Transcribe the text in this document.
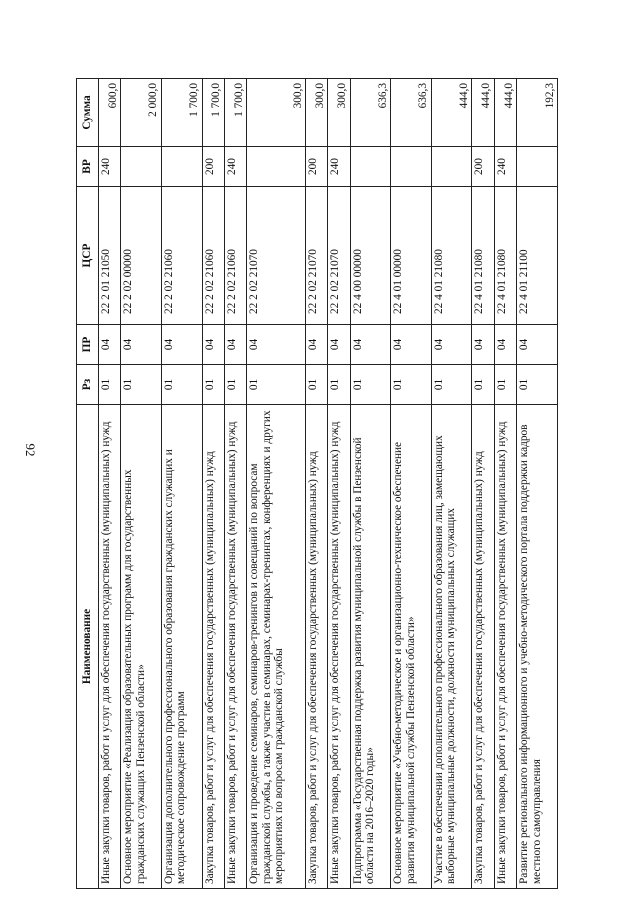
92
Наименование	Рз	ПР	ЦСР	ВР	Сумма
Иные закупки товаров, работ и услуг для обеспечения государственных (муниципальных) нужд	01	04	22 2 01 21050	240	600,0
Основное мероприятие «Реализация образовательных программ для государственных гражданских служащих Пензенской области»	01	04	22 2 02 00000		2 000,0
Организация дополнительного профессионального образования гражданских служащих и методическое сопровождение программ	01	04	22 2 02 21060		1 700,0
Закупка товаров, работ и услуг для обеспечения государственных (муниципальных) нужд	01	04	22 2 02 21060	200	1 700,0
Иные закупки товаров, работ и услуг для обеспечения государственных (муниципальных) нужд	01	04	22 2 02 21060	240	1 700,0
Организация и проведение семинаров, семинаров-тренингов и совещаний по вопросам гражданской службы, а также участие в семинарах, семинарах-тренингах, конференциях и других мероприятиях по вопросам гражданской службы	01	04	22 2 02 21070		300,0
Закупка товаров, работ и услуг для обеспечения государственных (муниципальных) нужд	01	04	22 2 02 21070	200	300,0
Иные закупки товаров, работ и услуг для обеспечения государственных (муниципальных) нужд	01	04	22 2 02 21070	240	300,0
Подпрограмма «Государственная поддержка развития муниципальной службы в Пензенской области на 2016–2020 годы»	01	04	22 4 00 00000		636,3
Основное мероприятие «Учебно-методическое и организационно-техническое обеспечение развития муниципальной службы Пензенской области»	01	04	22 4 01 00000		636,3
Участие в обеспечении дополнительного профессионального образования лиц, замещающих выборные муниципальные должности, должности муниципальных служащих	01	04	22 4 01 21080		444,0
Закупка товаров, работ и услуг для обеспечения государственных (муниципальных) нужд	01	04	22 4 01 21080	200	444,0
Иные закупки товаров, работ и услуг для обеспечения государственных (муниципальных) нужд	01	04	22 4 01 21080	240	444,0
Развитие регионального информационного и учебно-методического портала поддержки кадров местного самоуправления	01	04	22 4 01 21100		192,3
